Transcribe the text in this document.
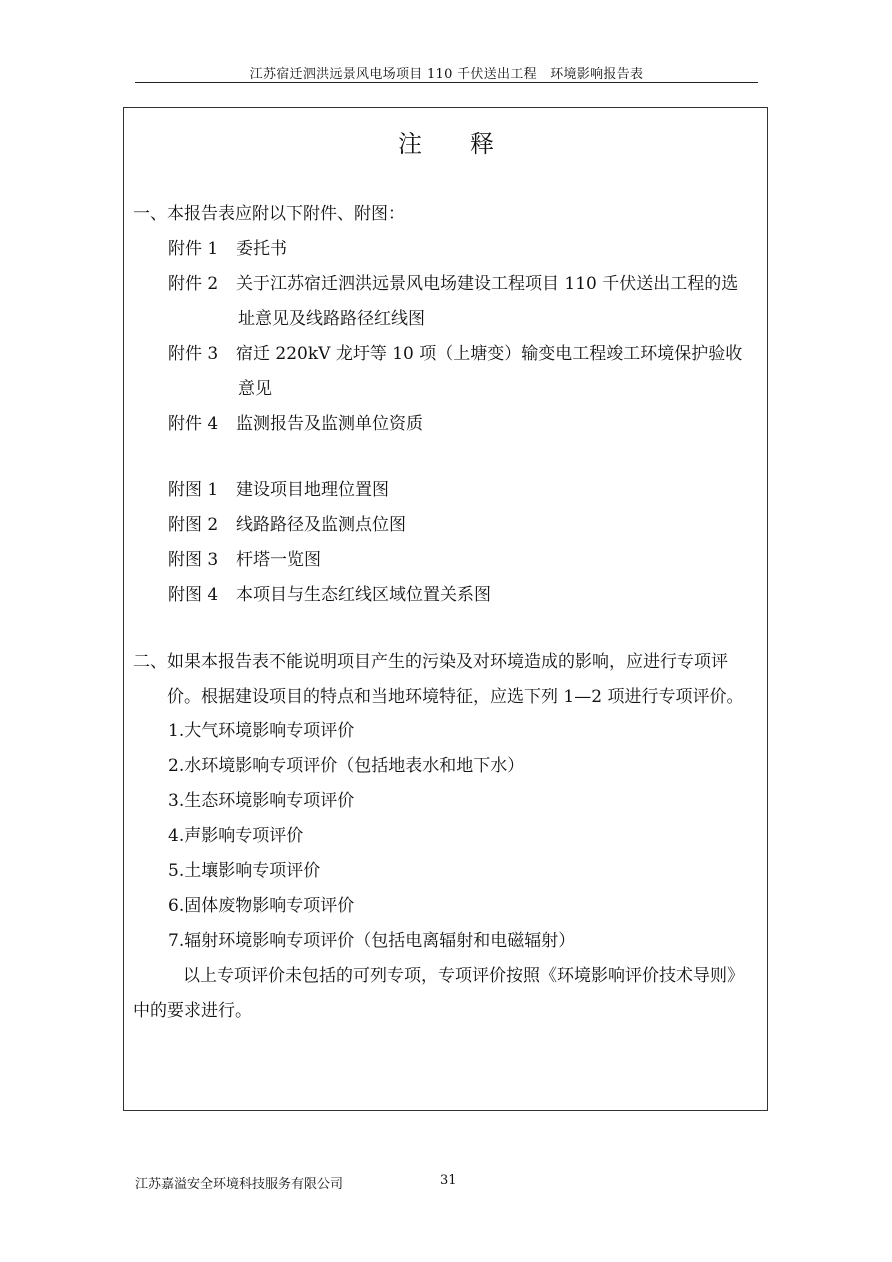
江苏宿迁泗洪远景风电场项目 110 千伏送出工程　环境影响报告表
注 释
一、本报告表应附以下附件、附图：
附件 1 委托书
附件 2 关于江苏宿迁泗洪远景风电场建设工程项目 110 千伏送出工程的选
址意见及线路路径红线图
附件 3 宿迁 220kV 龙圩等 10 项（上塘变）输变电工程竣工环境保护验收
意见
附件 4 监测报告及监测单位资质
附图 1 建设项目地理位置图
附图 2 线路路径及监测点位图
附图 3 杆塔一览图
附图 4 本项目与生态红线区域位置关系图
二、如果本报告表不能说明项目产生的污染及对环境造成的影响，应进行专项评
价。根据建设项目的特点和当地环境特征，应选下列 1—2 项进行专项评价。
1.大气环境影响专项评价
2.水环境影响专项评价（包括地表水和地下水）
3.生态环境影响专项评价
4.声影响专项评价
5.土壤影响专项评价
6.固体废物影响专项评价
7.辐射环境影响专项评价（包括电离辐射和电磁辐射）
以上专项评价未包括的可列专项，专项评价按照《环境影响评价技术导则》
中的要求进行。
江苏嘉溢安全环境科技服务有限公司	31
